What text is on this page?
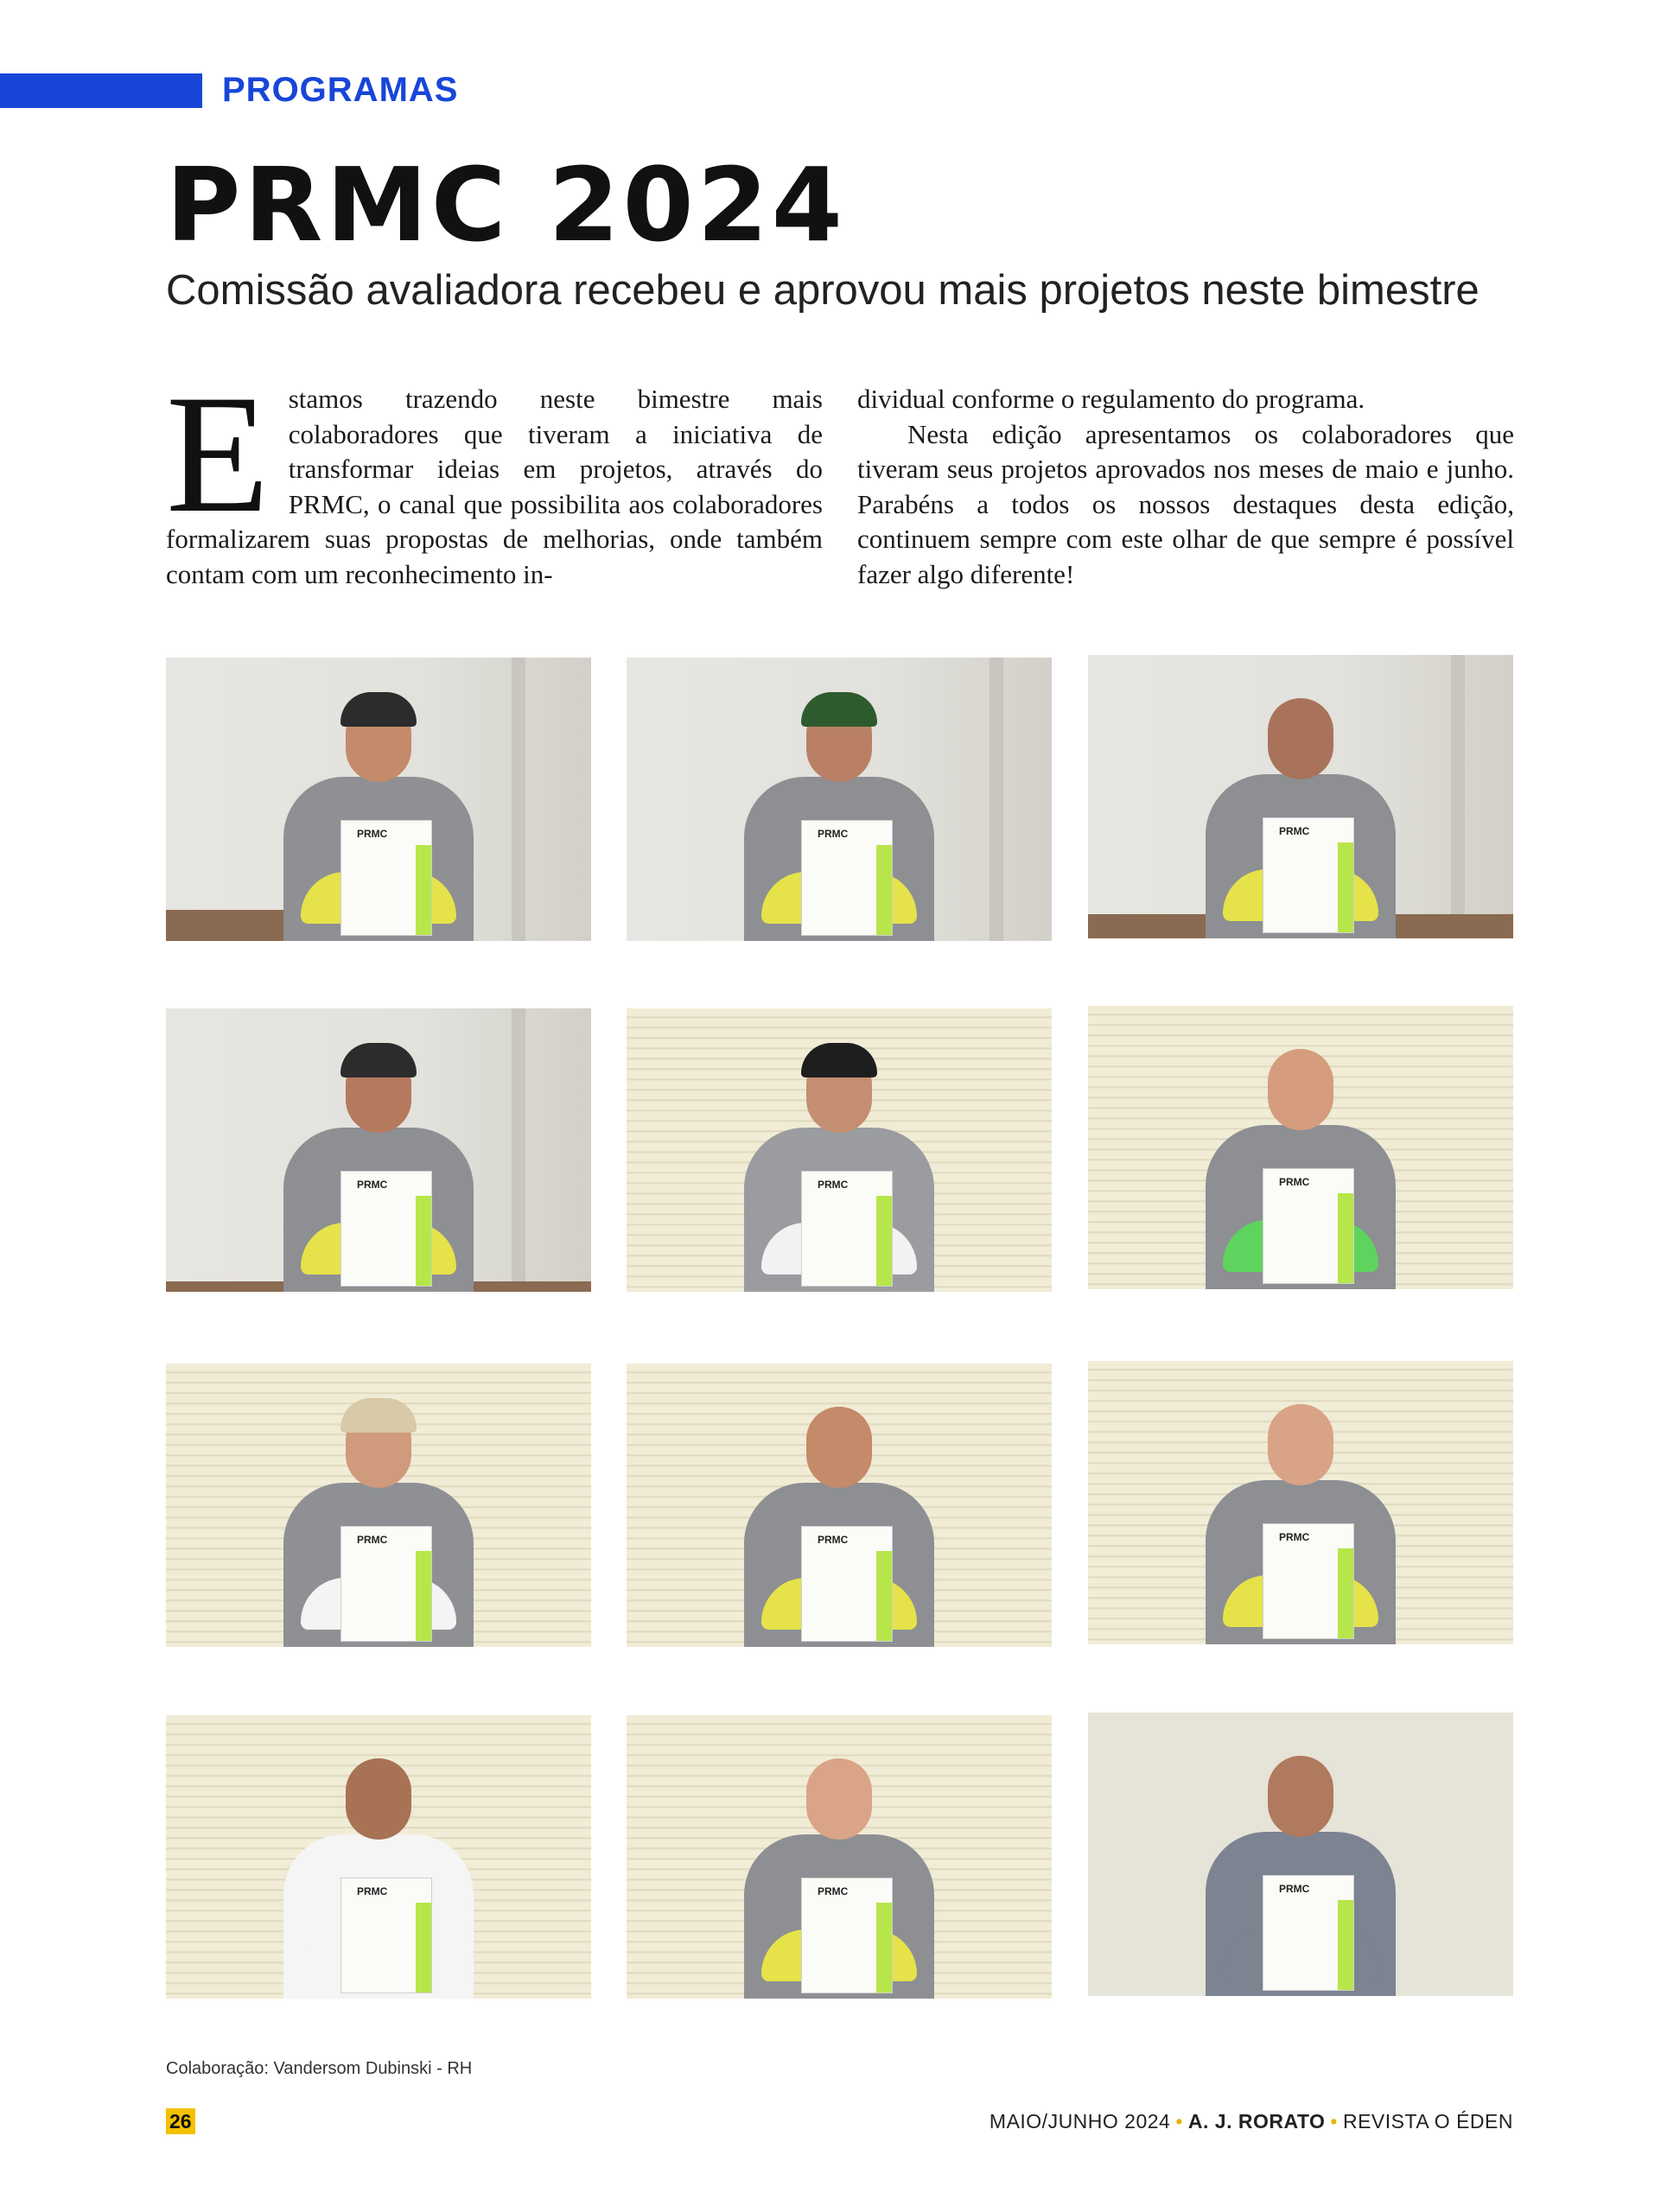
PROGRAMAS
PRMC 2024
Comissão avaliadora recebeu e aprovou mais projetos neste bimestre
E stamos trazendo neste bimestre mais colaboradores que tiveram a iniciativa de transformar ideias em projetos, através do PRMC, o canal que possibilita aos colaboradores formalizarem suas propostas de melhorias, onde também contam com um reconhecimento in-

dividual conforme o regulamento do programa.

Nesta edição apresentamos os colaboradores que tiveram seus projetos aprovados nos meses de maio e junho. Parabéns a todos os nossos destaques desta edição, continuem sempre com este olhar de que sempre é possível fazer algo diferente!

PRMC	PRMC	PRMC
PRMC	PRMC	PRMC
PRMC	PRMC	PRMC
PRMC	PRMC	PRMC
Colaboração: Vandersom Dubinski - RH
26	MAIO/JUNHO 2024 • A. J. RORATO • REVISTA O ÉDEN
